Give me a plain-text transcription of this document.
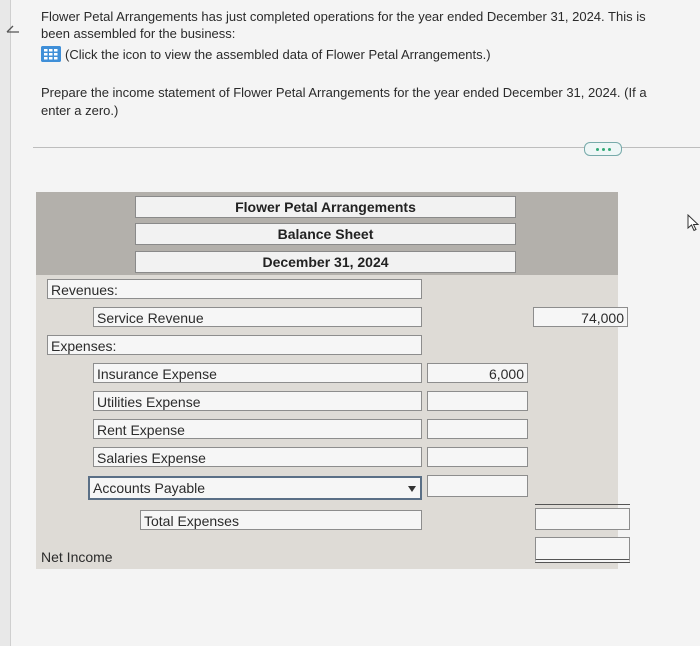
Flower Petal Arrangements has just completed operations for the year ended December 31, 2024. This is
been assembled for the business:
(Click the icon to view the assembled data of Flower Petal Arrangements.)
Prepare the income statement of Flower Petal Arrangements for the year ended December 31, 2024. (If a
enter a zero.)
Flower Petal Arrangements
Balance Sheet
December 31, 2024
Revenues:
Service Revenue	74,000
Expenses:
Insurance Expense	6,000
Utilities Expense
Rent Expense
Salaries Expense
Accounts Payable
Total Expenses
Net Income
